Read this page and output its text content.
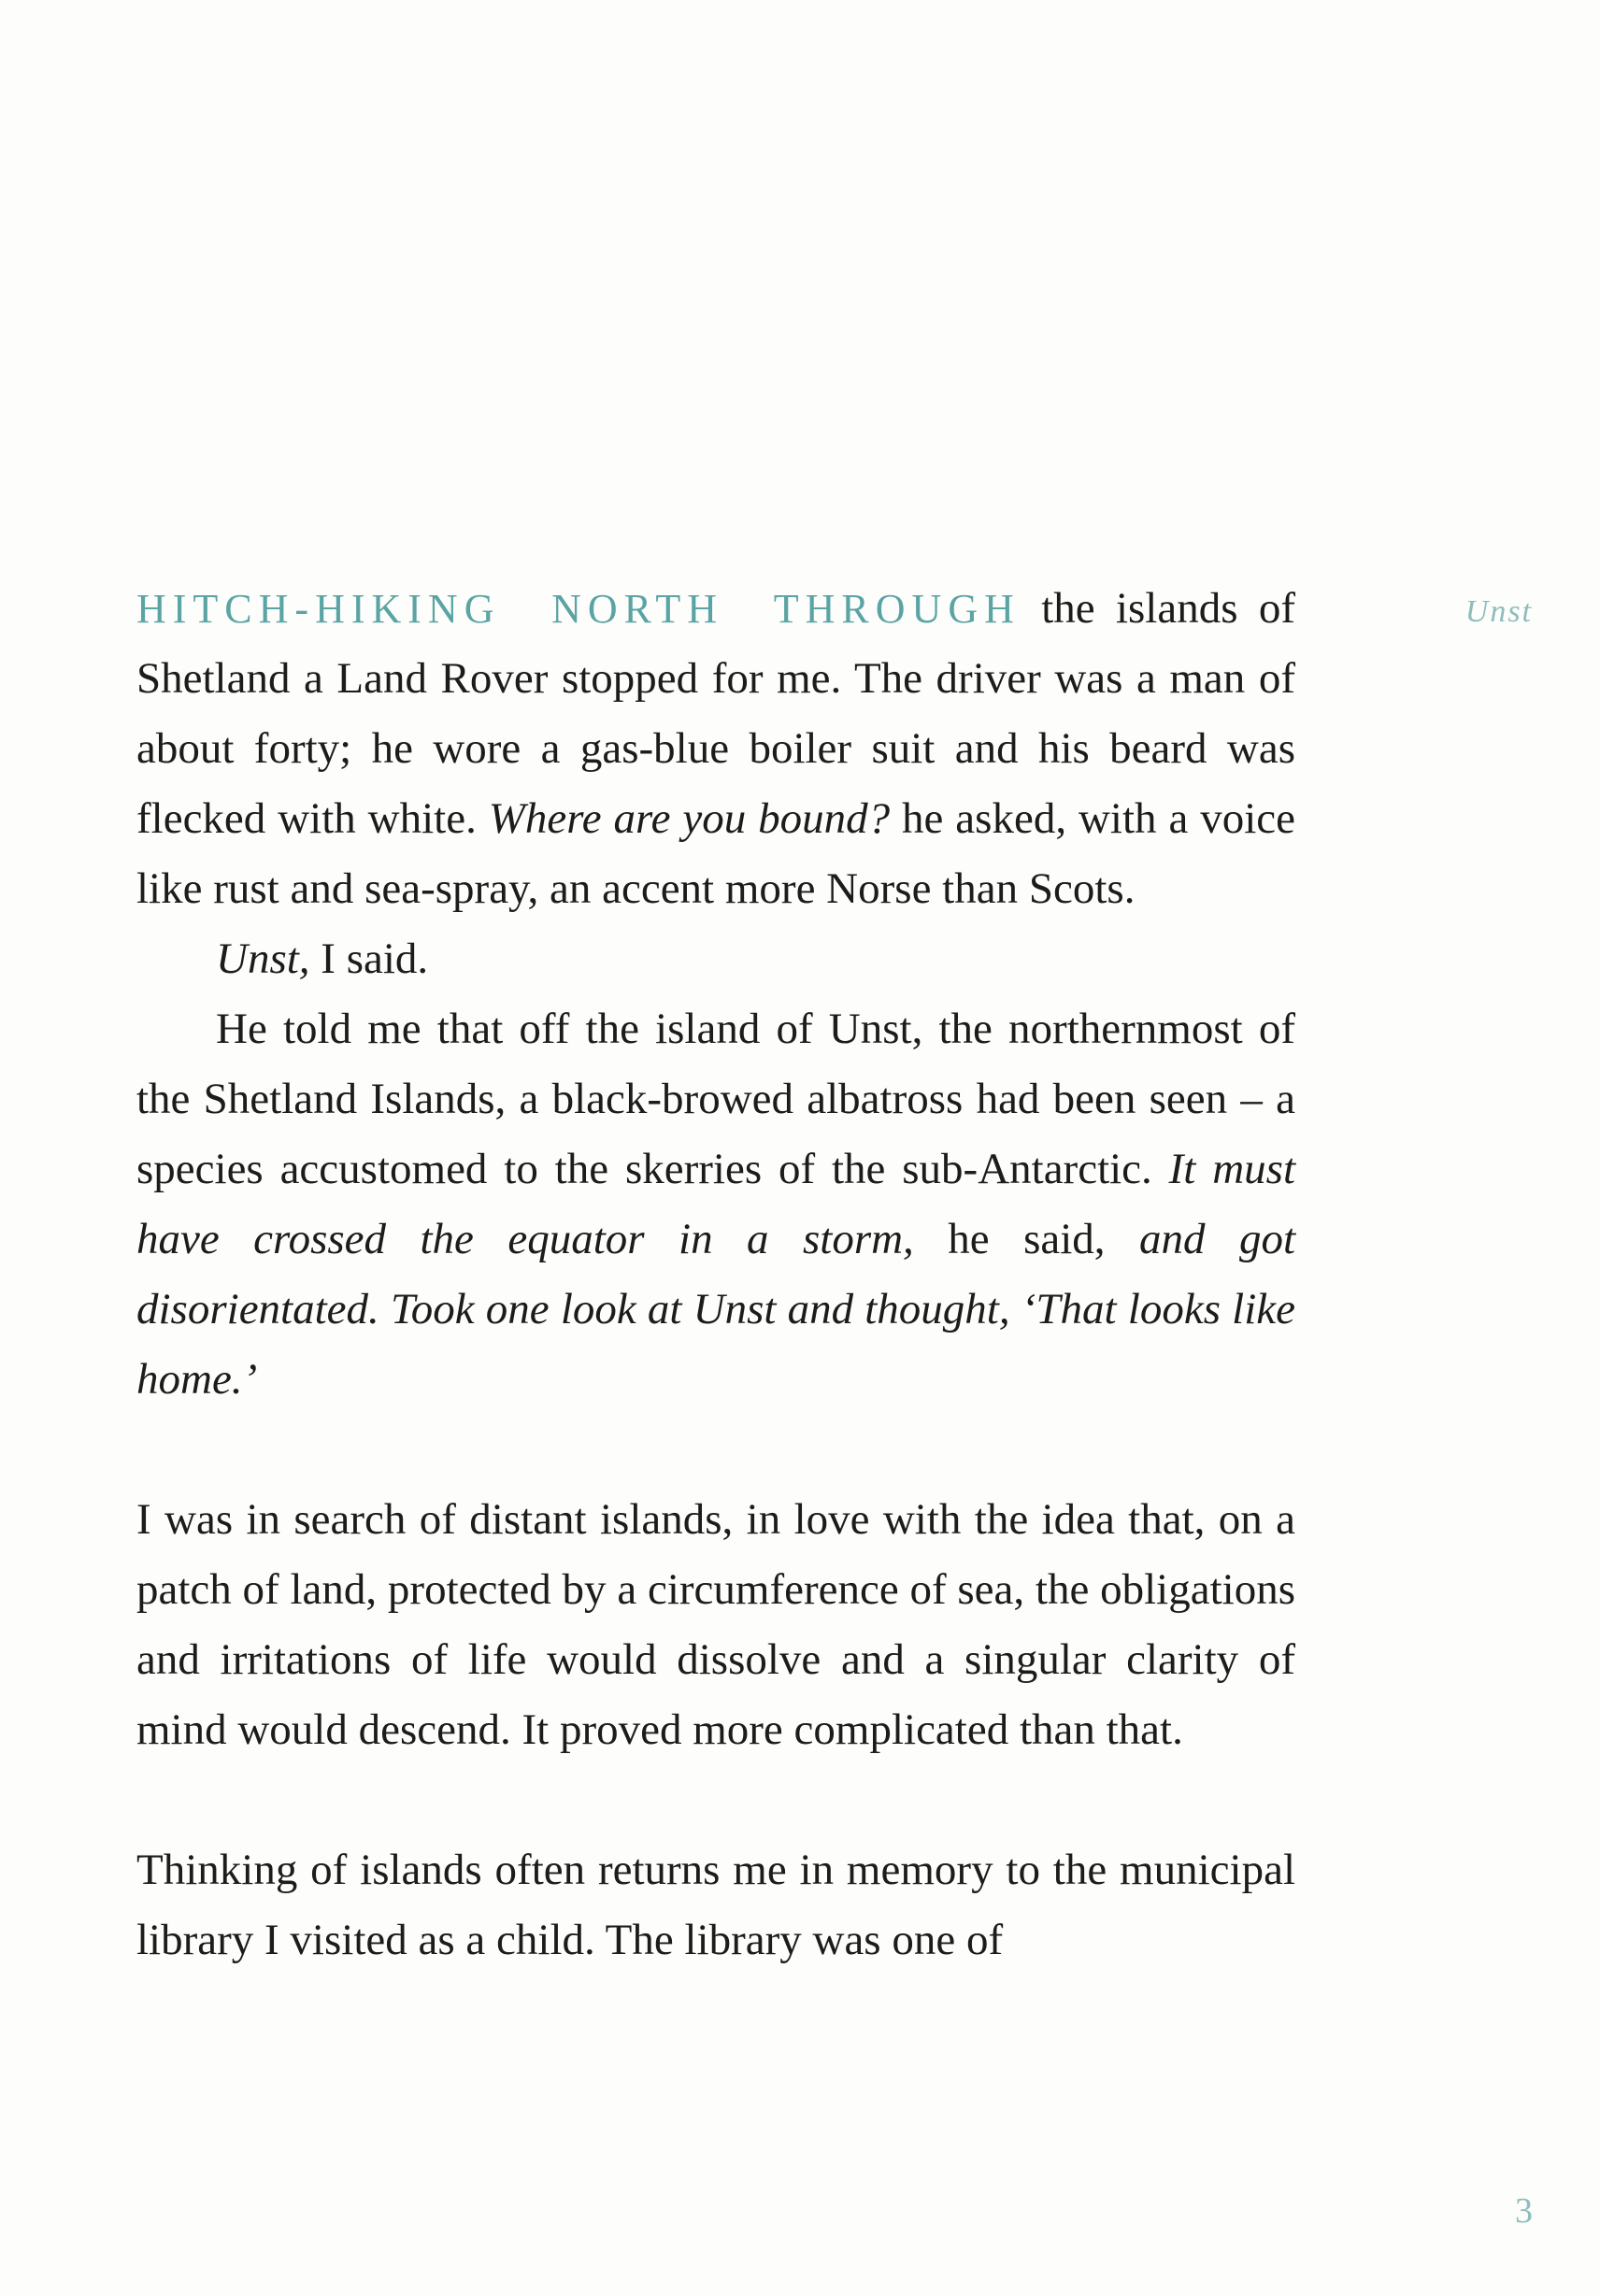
Unst

HITCH-HIKING NORTH THROUGH the islands of Shetland a Land Rover stopped for me. The driver was a man of about forty; he wore a gas-blue boiler suit and his beard was flecked with white. Where are you bound? he asked, with a voice like rust and sea-spray, an accent more Norse than Scots.

Unst, I said.

He told me that off the island of Unst, the northernmost of the Shetland Islands, a black-browed albatross had been seen – a species accustomed to the skerries of the sub-Antarctic. It must have crossed the equator in a storm, he said, and got disorientated. Took one look at Unst and thought, ‘That looks like home.’

I was in search of distant islands, in love with the idea that, on a patch of land, protected by a circumference of sea, the obligations and irritations of life would dissolve and a singular clarity of mind would descend. It proved more complicated than that.

Thinking of islands often returns me in memory to the municipal library I visited as a child. The library was one of

3
